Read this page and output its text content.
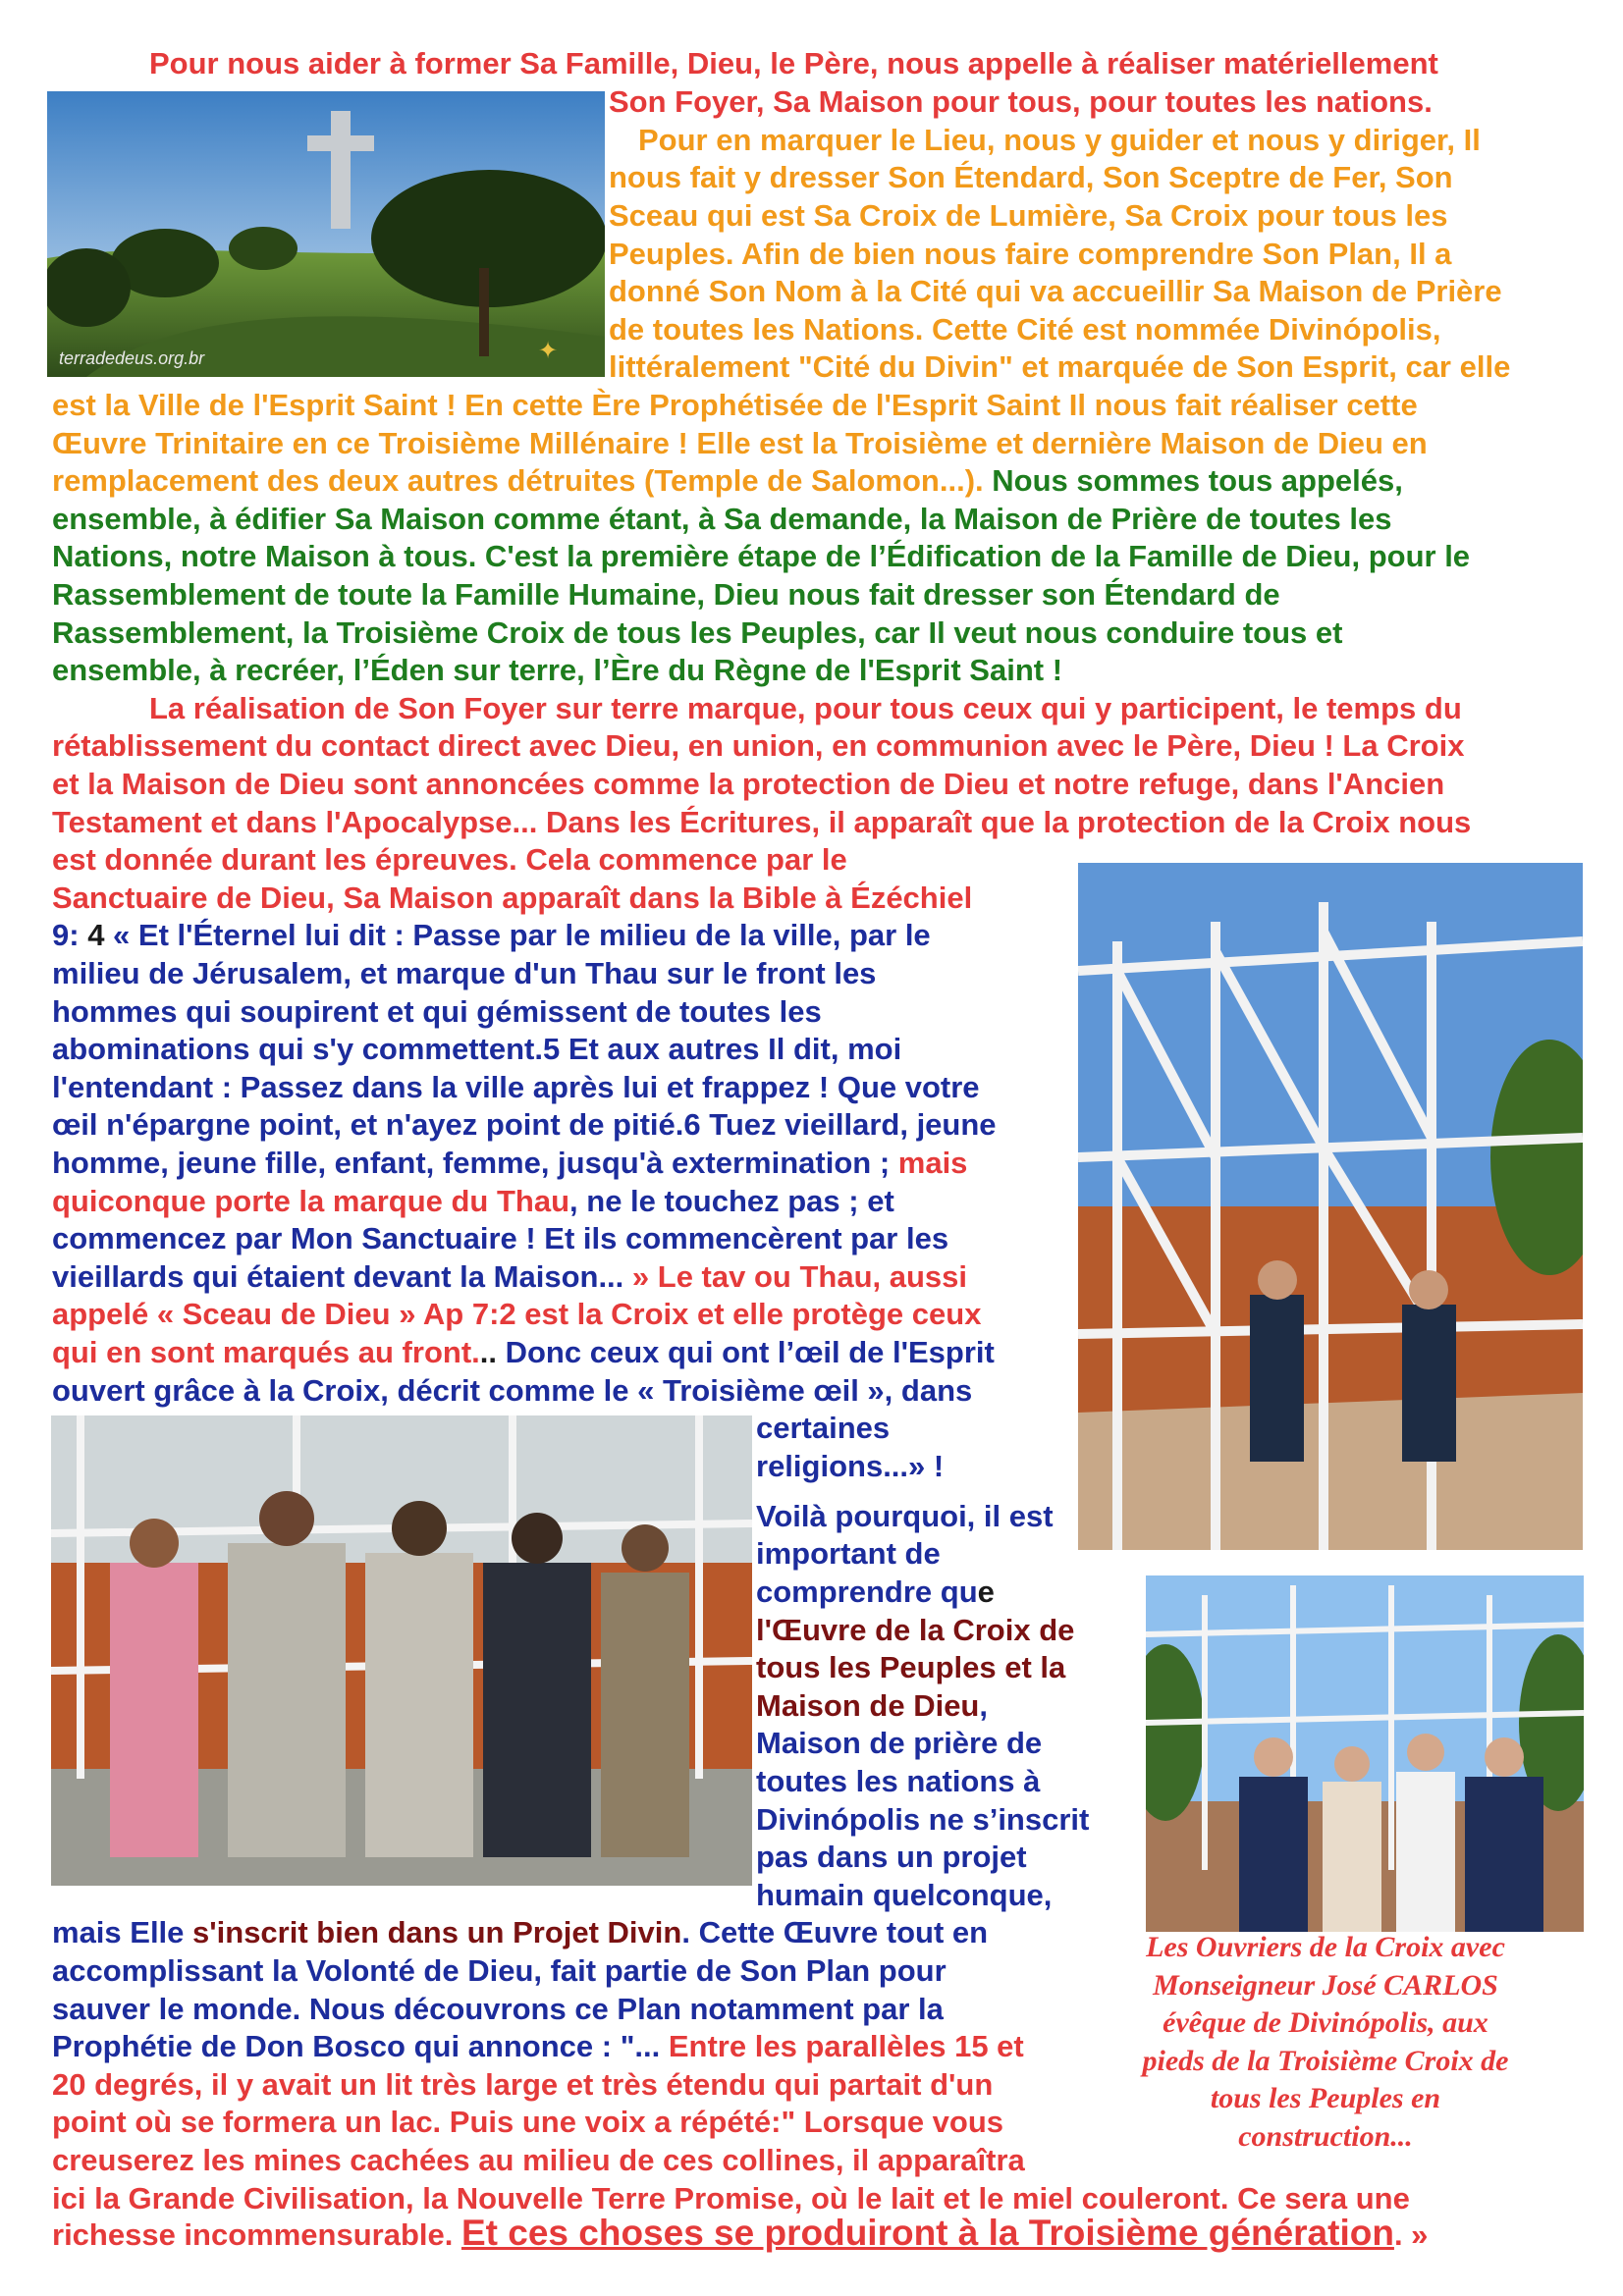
terradedeus.org.br	✦
Pour nous aider à former Sa Famille, Dieu, le Père, nous appelle à réaliser matériellement
Son Foyer, Sa Maison pour tous, pour toutes les nations.
Pour en marquer le Lieu, nous y guider et nous y diriger, Il
nous fait y dresser Son Étendard, Son Sceptre de Fer, Son
Sceau qui est Sa Croix de Lumière, Sa Croix pour tous les
Peuples. Afin de bien nous faire comprendre Son Plan, Il a
donné Son Nom à la Cité qui va accueillir Sa Maison de Prière
de toutes les Nations. Cette Cité est nommée Divinópolis,
littéralement "Cité du Divin" et marquée de Son Esprit, car elle
est la Ville de l'Esprit Saint ! En cette Ère Prophétisée de l'Esprit Saint Il nous fait réaliser cette
Œuvre Trinitaire en ce Troisième Millénaire ! Elle est la Troisième et dernière Maison de Dieu en
remplacement des deux autres détruites (Temple de Salomon...). Nous sommes tous appelés,
ensemble, à édifier Sa Maison comme étant, à Sa demande, la Maison de Prière de toutes les
Nations, notre Maison à tous. C'est la première étape de l’Édification de la Famille de Dieu, pour le
Rassemblement de toute la Famille Humaine, Dieu nous fait dresser son Étendard de
Rassemblement, la Troisième Croix de tous les Peuples, car Il veut nous conduire tous et
ensemble, à recréer, l’Éden sur terre, l’Ère du Règne de l'Esprit Saint !
La réalisation de Son Foyer sur terre marque, pour tous ceux qui y participent, le temps du
rétablissement du contact direct avec Dieu, en union, en communion avec le Père, Dieu ! La Croix
et la Maison de Dieu sont annoncées comme la protection de Dieu et notre refuge, dans l'Ancien
Testament et dans l'Apocalypse... Dans les Écritures, il apparaît que la protection de la Croix nous
est donnée durant les épreuves. Cela commence par le
Sanctuaire de Dieu, Sa Maison apparaît dans la Bible à Ézéchiel
9: 4 « Et l'Éternel lui dit : Passe par le milieu de la ville, par le
milieu de Jérusalem, et marque d'un Thau sur le front les
hommes qui soupirent et qui gémissent de toutes les
abominations qui s'y commettent.5 Et aux autres Il dit, moi
l'entendant : Passez dans la ville après lui et frappez ! Que votre
œil n'épargne point, et n'ayez point de pitié.6 Tuez vieillard, jeune
homme, jeune fille, enfant, femme, jusqu'à extermination ; mais
quiconque porte la marque du Thau, ne le touchez pas ; et
commencez par Mon Sanctuaire ! Et ils commencèrent par les
vieillards qui étaient devant la Maison... » Le tav ou Thau, aussi
appelé « Sceau de Dieu » Ap 7:2 est la Croix et elle protège ceux
qui en sont marqués au front... Donc ceux qui ont l’œil de l'Esprit
ouvert grâce à la Croix, décrit comme le « Troisième œil », dans
certaines
religions...» !
Voilà pourquoi, il est
important de
comprendre que
l'Œuvre de la Croix de
tous les Peuples et la
Maison de Dieu,
Maison de prière de
toutes les nations à
Divinópolis ne s’inscrit
pas dans un projet
humain quelconque,
mais Elle s'inscrit bien dans un Projet Divin. Cette Œuvre tout en
accomplissant la Volonté de Dieu, fait partie de Son Plan pour
sauver le monde. Nous découvrons ce Plan notamment par la
Prophétie de Don Bosco qui annonce : "... Entre les parallèles 15 et
20 degrés, il y avait un lit très large et très étendu qui partait d'un
point où se formera un lac. Puis une voix a répété:" Lorsque vous
creuserez les mines cachées au milieu de ces collines, il apparaîtra
ici la Grande Civilisation, la Nouvelle Terre Promise, où le lait et le miel couleront. Ce sera une
richesse incommensurable. Et ces choses se produiront à la Troisième génération. »
Les Ouvriers de la Croix avec
Monseigneur José CARLOS
évêque de Divinópolis, aux
pieds de la Troisième Croix de
tous les Peuples en
construction...
